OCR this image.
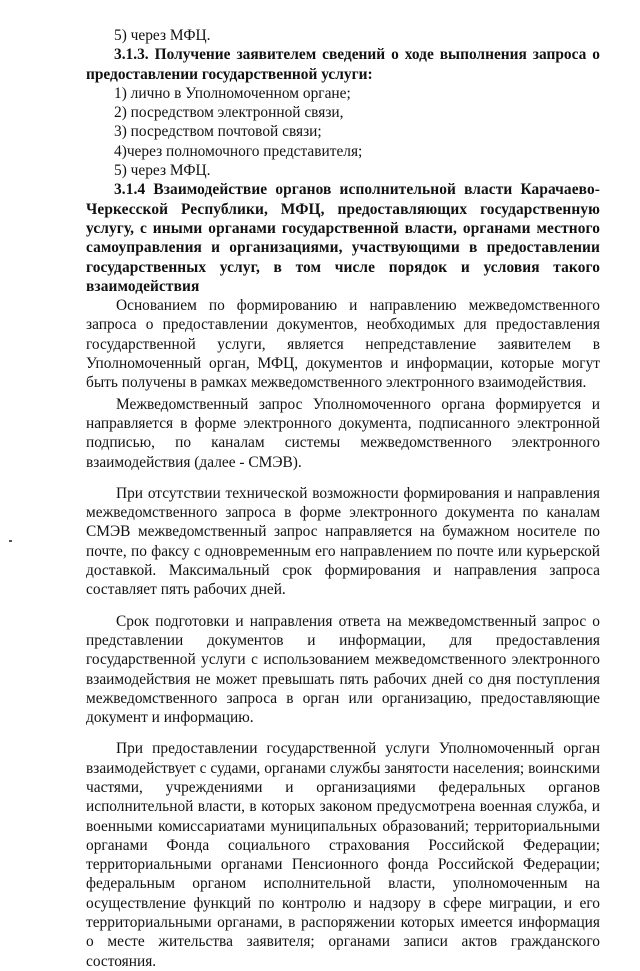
5) через МФЦ.

3.1.3. Получение заявителем сведений о ходе выполнения запроса о предоставлении государственной услуги:

1) лично в Уполномоченном органе;

2) посредством электронной связи,

3) посредством почтовой связи;

4)через полномочного представителя;

5) через МФЦ.

3.1.4 Взаимодействие органов исполнительной власти Карачаево-Черкесской Республики, МФЦ, предоставляющих государственную услугу, с иными органами государственной власти, органами местного самоуправления и организациями, участвующими в предоставлении государственных услуг, в том числе порядок и условия такого взаимодействия

Основанием по формированию и направлению межведомственного запроса о предоставлении документов, необходимых для предоставления государственной услуги, является непредставление заявителем в Уполномоченный орган, МФЦ, документов и информации, которые могут быть получены в рамках межведомственного электронного взаимодействия.

Межведомственный запрос Уполномоченного органа формируется и направляется в форме электронного документа, подписанного электронной подписью, по каналам системы межведомственного электронного взаимодействия (далее - СМЭВ).

При отсутствии технической возможности формирования и направления межведомственного запроса в форме электронного документа по каналам СМЭВ межведомственный запрос направляется на бумажном носителе по почте, по факсу с одновременным его направлением по почте или курьерской доставкой. Максимальный срок формирования и направления запроса составляет пять рабочих дней.

Срок подготовки и направления ответа на межведомственный запрос о представлении документов и информации, для предоставления государственной услуги с использованием межведомственного электронного взаимодействия не может превышать пять рабочих дней со дня поступления межведомственного запроса в орган или организацию, предоставляющие документ и информацию.

При предоставлении государственной услуги Уполномоченный орган взаимодействует с судами, органами службы занятости населения; воинскими частями, учреждениями и организациями федеральных органов исполнительной власти, в которых законом предусмотрена военная служба, и военными комиссариатами муниципальных образований; территориальными органами Фонда социального страхования Российской Федерации; территориальными органами Пенсионного фонда Российской Федерации; федеральным органом исполнительной власти, уполномоченным на осуществление функций по контролю и надзору в сфере миграции, и его территориальными органами, в распоряжении которых имеется информация о месте жительства заявителя; органами записи актов гражданского состояния.
